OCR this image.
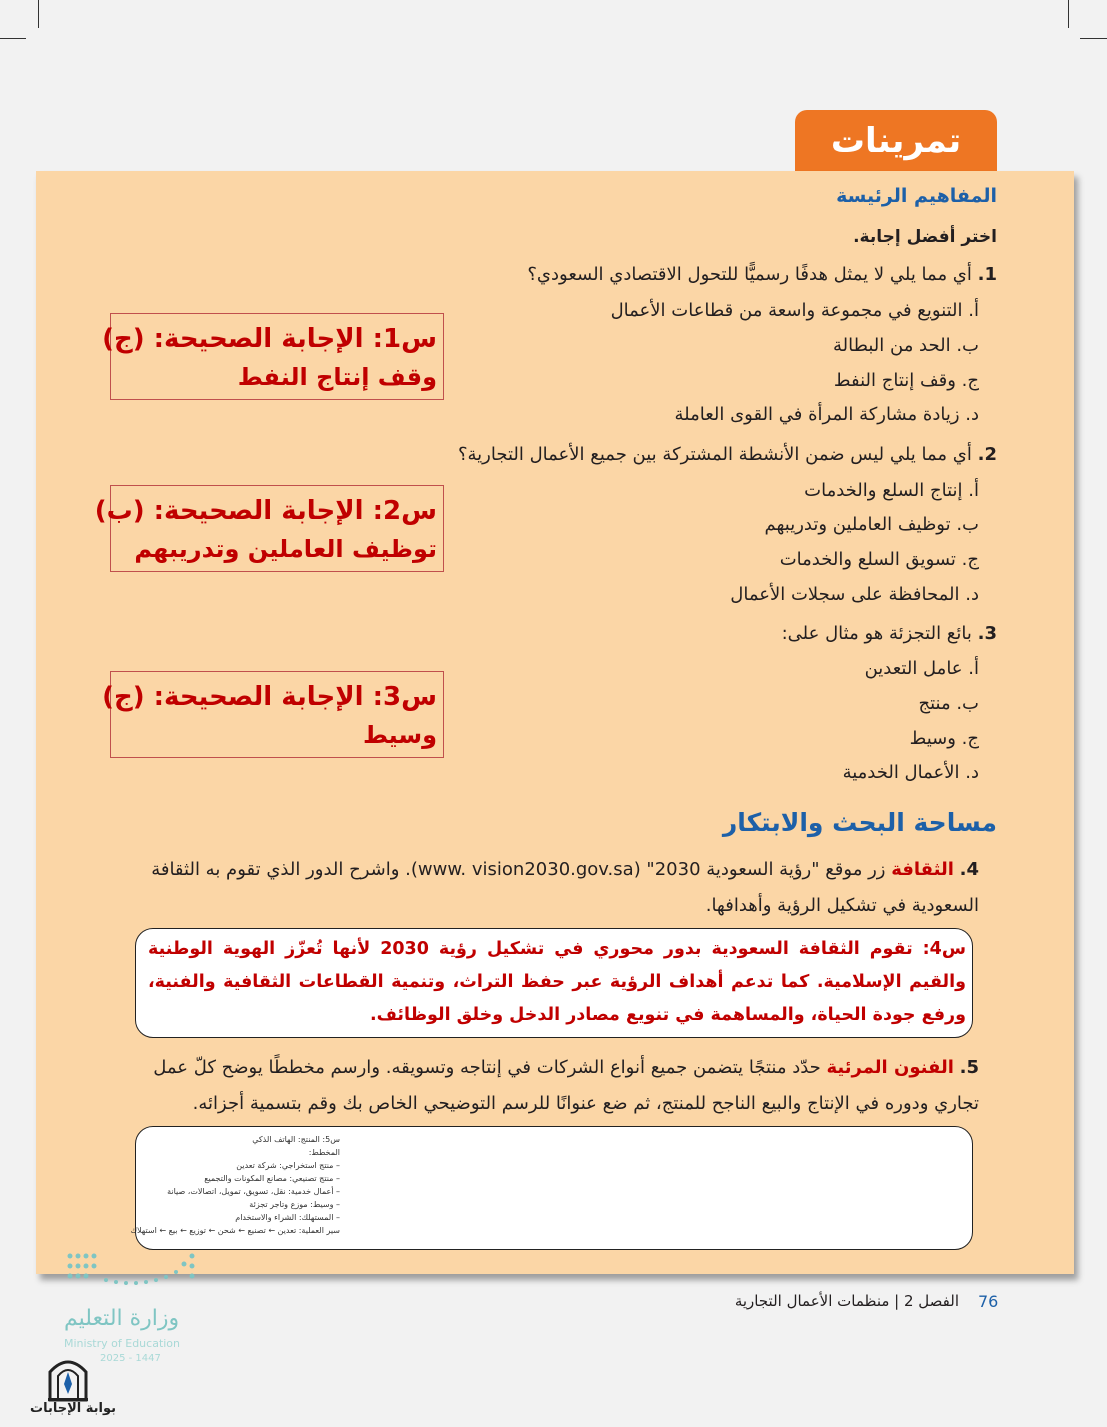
تمرينات
المفاهيم الرئيسة
اختر أفضل إجابة.
1. أي مما يلي لا يمثل هدفًا رسميًّا للتحول الاقتصادي السعودي؟
أ. التنويع في مجموعة واسعة من قطاعات الأعمال
ب. الحد من البطالة
ج. وقف إنتاج النفط
د. زيادة مشاركة المرأة في القوى العاملة
س1: الإجابة الصحيحة: (ج)
وقف إنتاج النفط
2. أي مما يلي ليس ضمن الأنشطة المشتركة بين جميع الأعمال التجارية؟
أ. إنتاج السلع والخدمات
ب. توظيف العاملين وتدريبهم
ج. تسويق السلع والخدمات
د. المحافظة على سجلات الأعمال
س2: الإجابة الصحيحة: (ب)
توظيف العاملين وتدريبهم
3. بائع التجزئة هو مثال على:
أ. عامل التعدين
ب. منتج
ج. وسيط
د. الأعمال الخدمية
س3: الإجابة الصحيحة: (ج)
وسيط
مساحة البحث والابتكار
4. الثقافة زر موقع "رؤية السعودية 2030" (www. vision2030.gov.sa). واشرح الدور الذي تقوم به الثقافة السعودية في تشكيل الرؤية وأهدافها.
س4: تقوم الثقافة السعودية بدور محوري في تشكيل رؤية 2030 لأنها تُعزّز الهوية الوطنية والقيم الإسلامية. كما تدعم أهداف الرؤية عبر حفظ التراث، وتنمية القطاعات الثقافية والفنية، ورفع جودة الحياة، والمساهمة في تنويع مصادر الدخل وخلق الوظائف.
5. الفنون المرئية حدّد منتجًا يتضمن جميع أنواع الشركات في إنتاجه وتسويقه. وارسم مخططًا يوضح كلّ عمل تجاري ودوره في الإنتاج والبيع الناجح للمنتج، ثم ضع عنوانًا للرسم التوضيحي الخاص بك وقم بتسمية أجزائه.
س5: المنتج: الهاتف الذكي
المخطط:
– منتج استخراجي: شركة تعدين
– منتج تصنيعي: مصانع المكونات والتجميع
– أعمال خدمية: نقل، تسويق، تمويل، اتصالات، صيانة
– وسيط: موزع وتاجر تجزئة
– المستهلك: الشراء والاستخدام
سير العملية: تعدين ← تصنيع ← شحن ← توزيع ← بيع ← استهلاك
76
الفصل 2 | منظمات الأعمال التجارية
وزارة التعليم
Ministry of Education
2025 - 1447
بوابة الإجابات
